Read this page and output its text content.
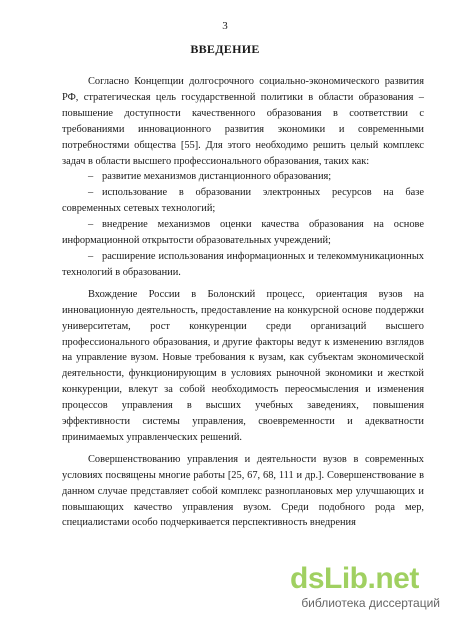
3
ВВЕДЕНИЕ

Согласно Концепции долгосрочного социально-экономического развития РФ, стратегическая цель государственной политики в области образования – повышение доступности качественного образования в соответствии с требованиями инновационного развития экономики и современными потребностями общества [55]. Для этого необходимо решить целый комплекс задач в области высшего профессионального образования, таких как:

– развитие механизмов дистанционного образования;

– использование в образовании электронных ресурсов на базе современных сетевых технологий;

– внедрение механизмов оценки качества образования на основе информационной открытости образовательных учреждений;

– расширение использования информационных и телекоммуникационных технологий в образовании.

Вхождение России в Болонский процесс, ориентация вузов на инновационную деятельность, предоставление на конкурсной основе поддержки университетам, рост конкуренции среди организаций высшего профессионального образования, и другие факторы ведут к изменению взглядов на управление вузом. Новые требования к вузам, как субъектам экономической деятельности, функционирующим в условиях рыночной экономики и жесткой конкуренции, влекут за собой необходимость переосмысления и изменения процессов управления в высших учебных заведениях, повышения эффективности системы управления, своевременности и адекватности принимаемых управленческих решений.

Совершенствованию управления и деятельности вузов в современных условиях посвящены многие работы [25, 67, 68, 111 и др.]. Совершенствование в данном случае представляет собой комплекс разноплановых мер улучшающих и повышающих качество управления вузом. Среди подобного рода мер, специалистами особо подчеркивается перспективность внедрения

dsLib.net
библиотека диссертаций
